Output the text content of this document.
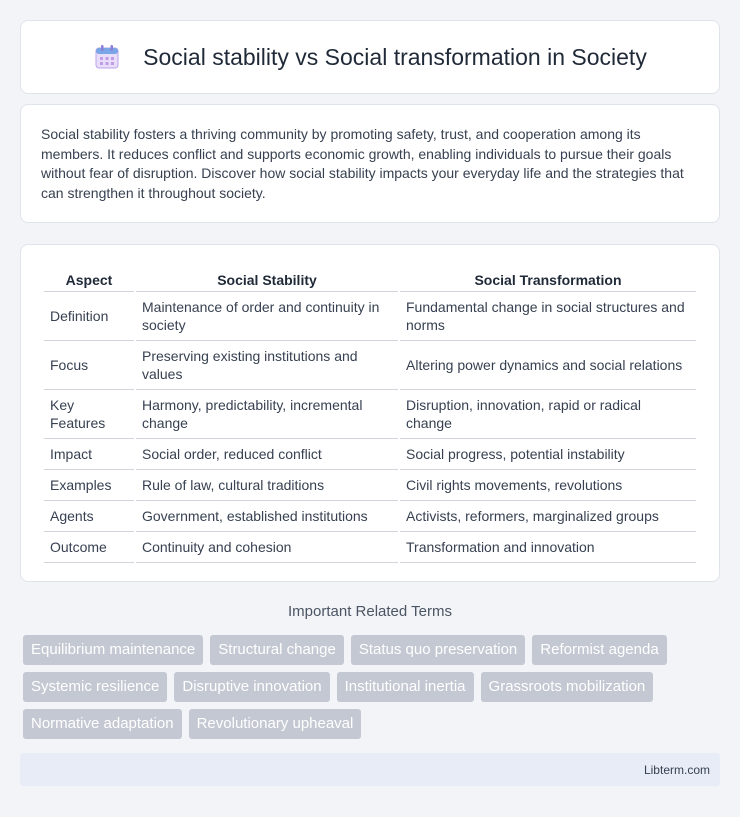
Social stability vs Social transformation in Society

Social stability fosters a thriving community by promoting safety, trust, and cooperation among its members. It reduces conflict and supports economic growth, enabling individuals to pursue their goals without fear of disruption. Discover how social stability impacts your everyday life and the strategies that can strengthen it throughout society.

Aspect	Social Stability	Social Transformation
Definition	Maintenance of order and continuity in society	Fundamental change in social structures and norms
Focus	Preserving existing institutions and values	Altering power dynamics and social relations
Key Features	Harmony, predictability, incremental change	Disruption, innovation, rapid or radical change
Impact	Social order, reduced conflict	Social progress, potential instability
Examples	Rule of law, cultural traditions	Civil rights movements, revolutions
Agents	Government, established institutions	Activists, reformers, marginalized groups
Outcome	Continuity and cohesion	Transformation and innovation
Important Related Terms
Equilibrium maintenance	Structural change	Status quo preservation	Reformist agenda
Systemic resilience	Disruptive innovation	Institutional inertia	Grassroots mobilization
Normative adaptation	Revolutionary upheaval
Libterm.com
